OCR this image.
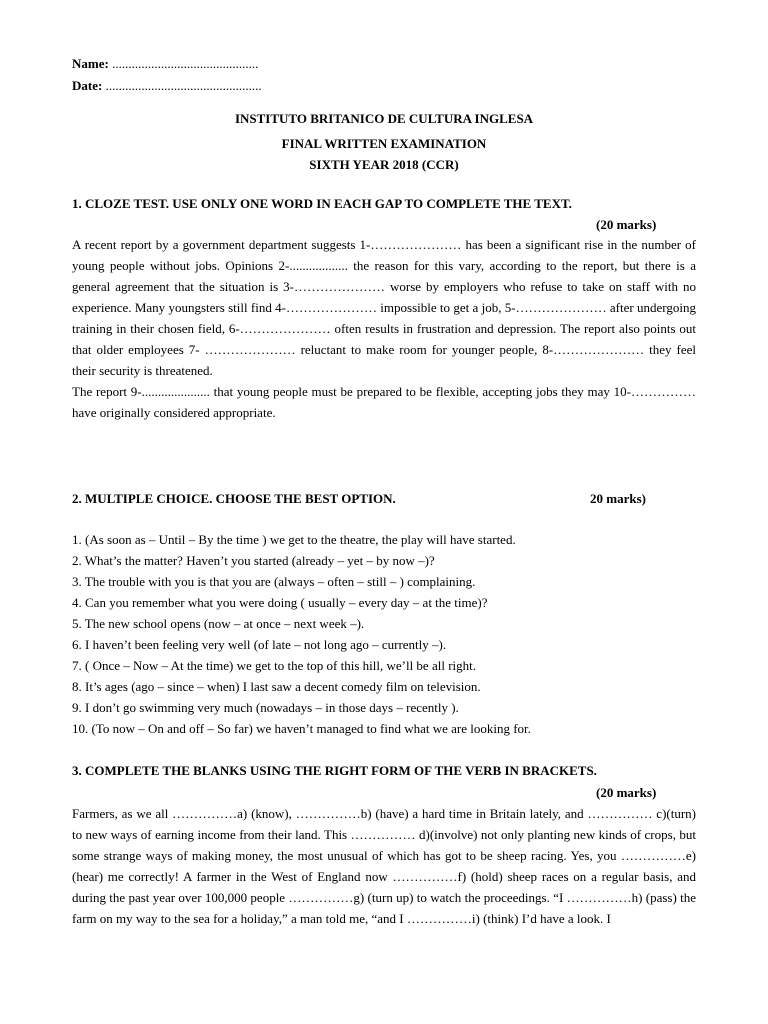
Name: .............................................
Date: ................................................
INSTITUTO BRITANICO DE CULTURA INGLESA
FINAL WRITTEN EXAMINATION
SIXTH YEAR 2018 (CCR)
1. CLOZE TEST. USE ONLY ONE WORD IN EACH GAP TO COMPLETE THE TEXT.
(20 marks)

A recent report by a government department suggests 1-………………… has been a significant rise in the number of young people without jobs. Opinions 2-.................. the reason for this vary, according to the report, but there is a general agreement that the situation is 3-………………… worse by employers who refuse to take on staff with no experience. Many youngsters still find 4-………………… impossible to get a job, 5-………………… after undergoing training in their chosen field, 6-………………… often results in frustration and depression. The report also points out that older employees 7- ………………… reluctant to make room for younger people, 8-………………… they feel their security is threatened.

The report 9-..................... that young people must be prepared to be flexible, accepting jobs they may 10-…………… have originally considered appropriate.

2. MULTIPLE CHOICE. CHOOSE THE BEST OPTION.	20 marks)
1. (As soon as – Until – By the time ) we get to the theatre, the play will have started.
2. What’s the matter? Haven’t you started (already – yet – by now –)?
3. The trouble with you is that you are (always – often – still – ) complaining.
4. Can you remember what you were doing ( usually – every day – at the time)?
5. The new school opens (now – at once – next week –).
6. I haven’t been feeling very well (of late – not long ago – currently –).
7. ( Once – Now – At the time) we get to the top of this hill, we’ll be all right.
8. It’s ages (ago – since – when) I last saw a decent comedy film on television.
9. I don’t go swimming very much (nowadays – in those days – recently ).
10. (To now – On and off – So far) we haven’t managed to find what we are looking for.
3. COMPLETE THE BLANKS USING THE RIGHT FORM OF THE VERB IN BRACKETS.
(20 marks)

Farmers, as we all ……………a) (know), ……………b) (have) a hard time in Britain lately, and …………… c)(turn) to new ways of earning income from their land. This …………… d)(involve) not only planting new kinds of crops, but some strange ways of making money, the most unusual of which has got to be sheep racing. Yes, you ……………e) (hear) me correctly! A farmer in the West of England now ……………f) (hold) sheep races on a regular basis, and during the past year over 100,000 people ……………g) (turn up) to watch the proceedings. “I ……………h) (pass) the farm on my way to the sea for a holiday,” a man told me, “and I ……………i) (think) I’d have a look. I
